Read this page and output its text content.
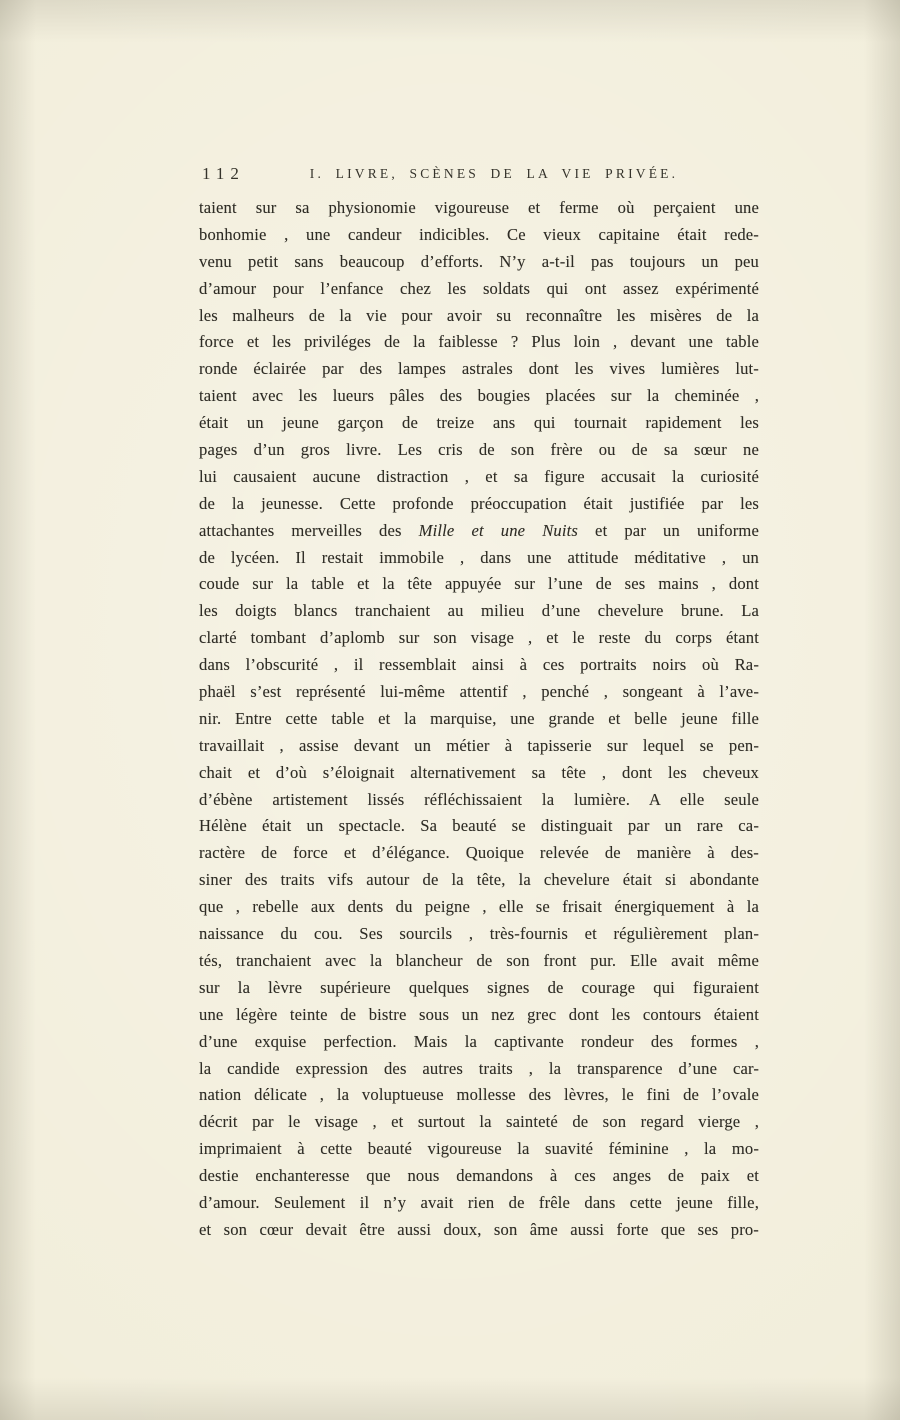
112	I. LIVRE, SCÈNES DE LA VIE PRIVÉE.
taient sur sa physionomie vigoureuse et ferme où perçaient une
bonhomie , une candeur indicibles. Ce vieux capitaine était rede-
venu petit sans beaucoup d’efforts. N’y a-t-il pas toujours un peu
d’amour pour l’enfance chez les soldats qui ont assez expérimenté
les malheurs de la vie pour avoir su reconnaître les misères de la
force et les priviléges de la faiblesse ? Plus loin , devant une table
ronde éclairée par des lampes astrales dont les vives lumières lut-
taient avec les lueurs pâles des bougies placées sur la cheminée ,
était un jeune garçon de treize ans qui tournait rapidement les
pages d’un gros livre. Les cris de son frère ou de sa sœur ne
lui causaient aucune distraction , et sa figure accusait la curiosité
de la jeunesse. Cette profonde préoccupation était justifiée par les
attachantes merveilles des Mille et une Nuits et par un uniforme
de lycéen. Il restait immobile , dans une attitude méditative , un
coude sur la table et la tête appuyée sur l’une de ses mains , dont
les doigts blancs tranchaient au milieu d’une chevelure brune. La
clarté tombant d’aplomb sur son visage , et le reste du corps étant
dans l’obscurité , il ressemblait ainsi à ces portraits noirs où Ra-
phaël s’est représenté lui-même attentif , penché , songeant à l’ave-
nir. Entre cette table et la marquise, une grande et belle jeune fille
travaillait , assise devant un métier à tapisserie sur lequel se pen-
chait et d’où s’éloignait alternativement sa tête , dont les cheveux
d’ébène artistement lissés réfléchissaient la lumière. A elle seule
Hélène était un spectacle. Sa beauté se distinguait par un rare ca-
ractère de force et d’élégance. Quoique relevée de manière à des-
siner des traits vifs autour de la tête, la chevelure était si abondante
que , rebelle aux dents du peigne , elle se frisait énergiquement à la
naissance du cou. Ses sourcils , très-fournis et régulièrement plan-
tés, tranchaient avec la blancheur de son front pur. Elle avait même
sur la lèvre supérieure quelques signes de courage qui figuraient
une légère teinte de bistre sous un nez grec dont les contours étaient
d’une exquise perfection. Mais la captivante rondeur des formes ,
la candide expression des autres traits , la transparence d’une car-
nation délicate , la voluptueuse mollesse des lèvres, le fini de l’ovale
décrit par le visage , et surtout la sainteté de son regard vierge ,
imprimaient à cette beauté vigoureuse la suavité féminine , la mo-
destie enchanteresse que nous demandons à ces anges de paix et
d’amour. Seulement il n’y avait rien de frêle dans cette jeune fille,
et son cœur devait être aussi doux, son âme aussi forte que ses pro-
